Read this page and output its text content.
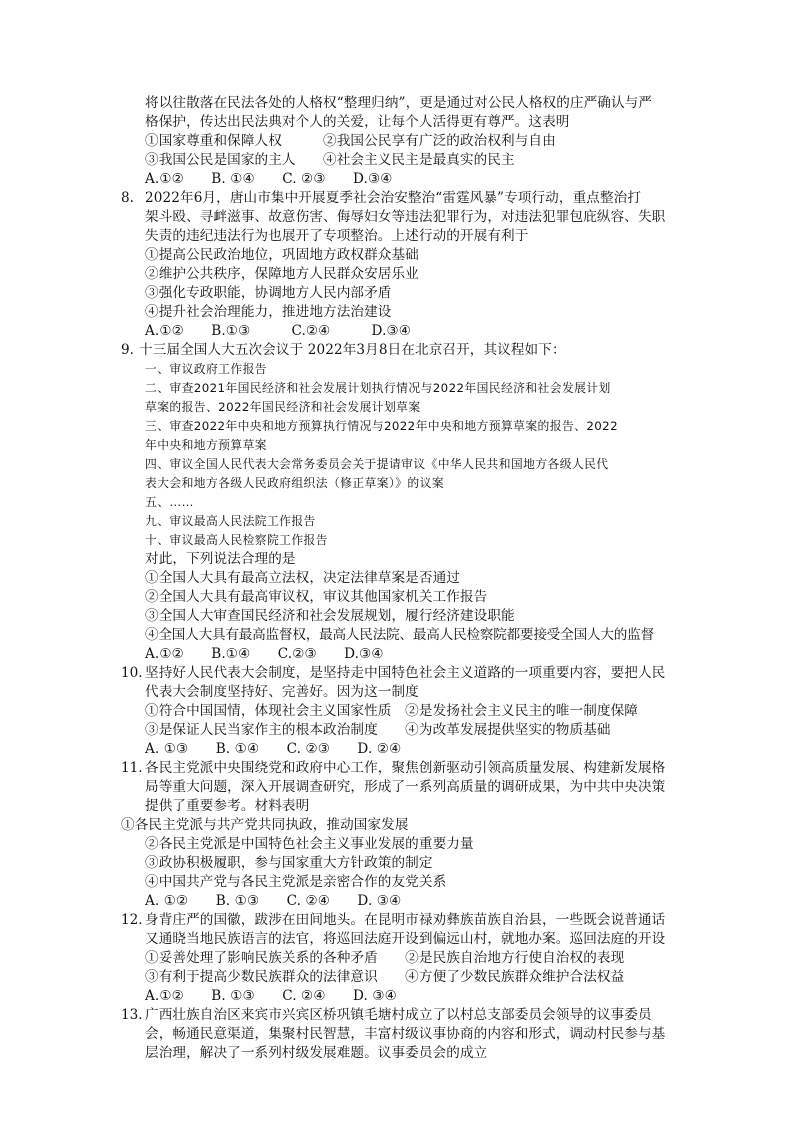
将以往散落在民法各处的人格权“整理归纳”，更是通过对公民人格权的庄严确认与严
格保护，传达出民法典对个人的关爱，让每个人活得更有尊严。这表明
①国家尊重和保障人权　　　②我国公民享有广泛的政治权利与自由
③我国公民是国家的主人　　④社会主义民主是最真实的民主
A.①②　　B. ①④　　C. ②③　　D.③④
8. 2022年6月，唐山市集中开展夏季社会治安整治“雷霆风暴”专项行动，重点整治打
架斗殴、寻衅滋事、故意伤害、侮辱妇女等违法犯罪行为，对违法犯罪包庇纵容、失职
失责的违纪违法行为也展开了专项整治。上述行动的开展有利于
①提高公民政治地位，巩固地方政权群众基础
②维护公共秩序，保障地方人民群众安居乐业
③强化专政职能，协调地方人民内部矛盾
④提升社会治理能力，推进地方法治建设
A.①②　　B.①③　　　C.②④　　　D.③④
9. 十三届全国人大五次会议于 2022年3月8日在北京召开，其议程如下：
一、审议政府工作报告
二、审查2021年国民经济和社会发展计划执行情况与2022年国民经济和社会发展计划
草案的报告、2022年国民经济和社会发展计划草案
三、审查2022年中央和地方预算执行情况与2022年中央和地方预算草案的报告、2022
年中央和地方预算草案
四、审议全国人民代表大会常务委员会关于提请审议《中华人民共和国地方各级人民代
表大会和地方各级人民政府组织法（修正草案）》的议案
五、……
九、审议最高人民法院工作报告
十、审议最高人民检察院工作报告
对此，下列说法合理的是
①全国人大具有最高立法权，决定法律草案是否通过
②全国人大具有最高审议权，审议其他国家机关工作报告
③全国人大审查国民经济和社会发展规划，履行经济建设职能
④全国人大具有最高监督权，最高人民法院、最高人民检察院都要接受全国人大的监督
A.①②　　B.①④　　C.②③　　D.③④
10. 坚持好人民代表大会制度，是坚持走中国特色社会主义道路的一项重要内容，要把人民
代表大会制度坚持好、完善好。因为这一制度
①符合中国国情，体现社会主义国家性质　②是发扬社会主义民主的唯一制度保障
③是保证人民当家作主的根本政治制度　　④为改革发展提供坚实的物质基础
A. ①③　　B. ①④　　C. ②③　　D. ②④
11. 各民主党派中央围绕党和政府中心工作，聚焦创新驱动引领高质量发展、构建新发展格
局等重大问题，深入开展调查研究，形成了一系列高质量的调研成果，为中共中央决策
提供了重要参考。材料表明
①各民主党派与共产党共同执政，推动国家发展
②各民主党派是中国特色社会主义事业发展的重要力量
③政协积极履职，参与国家重大方针政策的制定
④中国共产党与各民主党派是亲密合作的友党关系
A. ①②　　B. ①③　　C. ②④　　D. ③④
12. 身背庄严的国徽，跋涉在田间地头。在昆明市禄劝彝族苗族自治县，一些既会说普通话
又通晓当地民族语言的法官，将巡回法庭开设到偏远山村，就地办案。巡回法庭的开设
①妥善处理了影响民族关系的各种矛盾　　②是民族自治地方行使自治权的表现
③有利于提高少数民族群众的法律意识　　④方便了少数民族群众维护合法权益
A.①②　　B. ①③　　C. ②④　　D. ③④
13. 广西壮族自治区来宾市兴宾区桥巩镇毛塘村成立了以村总支部委员会领导的议事委员
会，畅通民意渠道，集聚村民智慧，丰富村级议事协商的内容和形式，调动村民参与基
层治理，解决了一系列村级发展难题。议事委员会的成立
